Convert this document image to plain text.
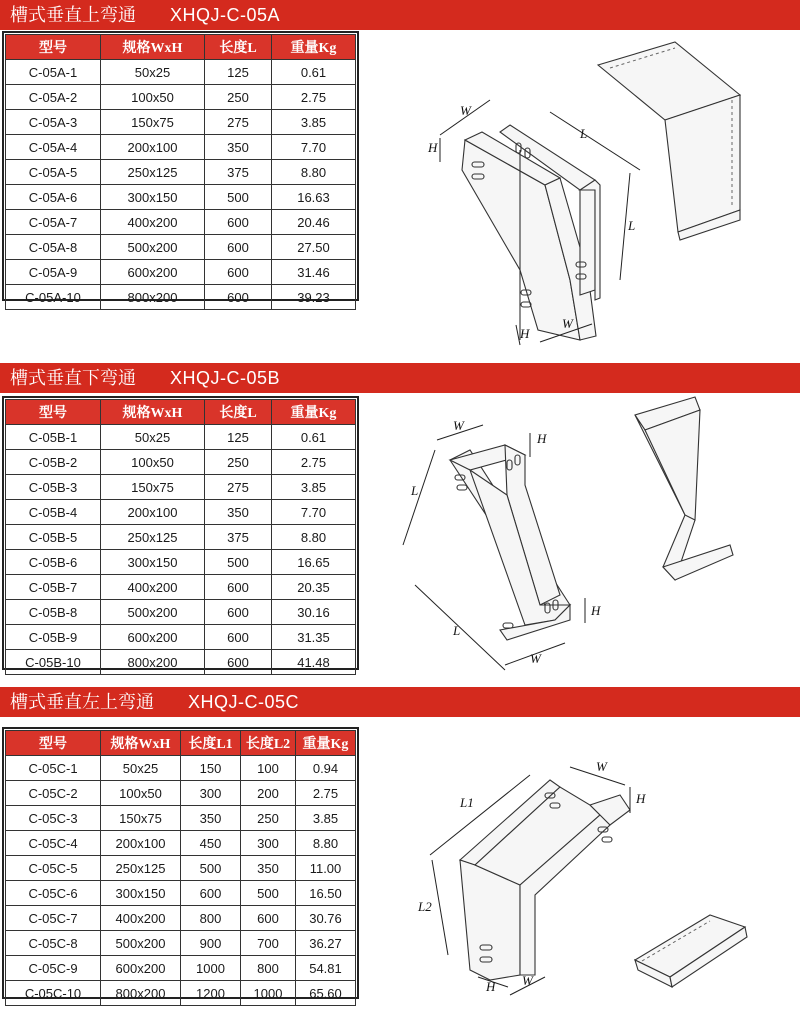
槽式垂直上弯通 XHQJ-C-05A
型号	规格WxH	长度L	重量Kg
C-05A-1	50x25	125	0.61
C-05A-2	100x50	250	2.75
C-05A-3	150x75	275	3.85
C-05A-4	200x100	350	7.70
C-05A-5	250x125	375	8.80
C-05A-6	300x150	500	16.63
C-05A-7	400x200	600	20.46
C-05A-8	500x200	600	27.50
C-05A-9	600x200	600	31.46
C-05A-10	800x200	600	39.23
W
H
L
L
H
W
槽式垂直下弯通 XHQJ-C-05B
型号	规格WxH	长度L	重量Kg
C-05B-1	50x25	125	0.61
C-05B-2	100x50	250	2.75
C-05B-3	150x75	275	3.85
C-05B-4	200x100	350	7.70
C-05B-5	250x125	375	8.80
C-05B-6	300x150	500	16.65
C-05B-7	400x200	600	20.35
C-05B-8	500x200	600	30.16
C-05B-9	600x200	600	31.35
C-05B-10	800x200	600	41.48
W
H
L
L
H
W
槽式垂直左上弯通 XHQJ-C-05C
型号	规格WxH	长度L1	长度L2	重量Kg
C-05C-1	50x25	150	100	0.94
C-05C-2	100x50	300	200	2.75
C-05C-3	150x75	350	250	3.85
C-05C-4	200x100	450	300	8.80
C-05C-5	250x125	500	350	11.00
C-05C-6	300x150	600	500	16.50
C-05C-7	400x200	800	600	30.76
C-05C-8	500x200	900	700	36.27
C-05C-9	600x200	1000	800	54.81
C-05C-10	800x200	1200	1000	65.60
W
H
L1
L2
H W
